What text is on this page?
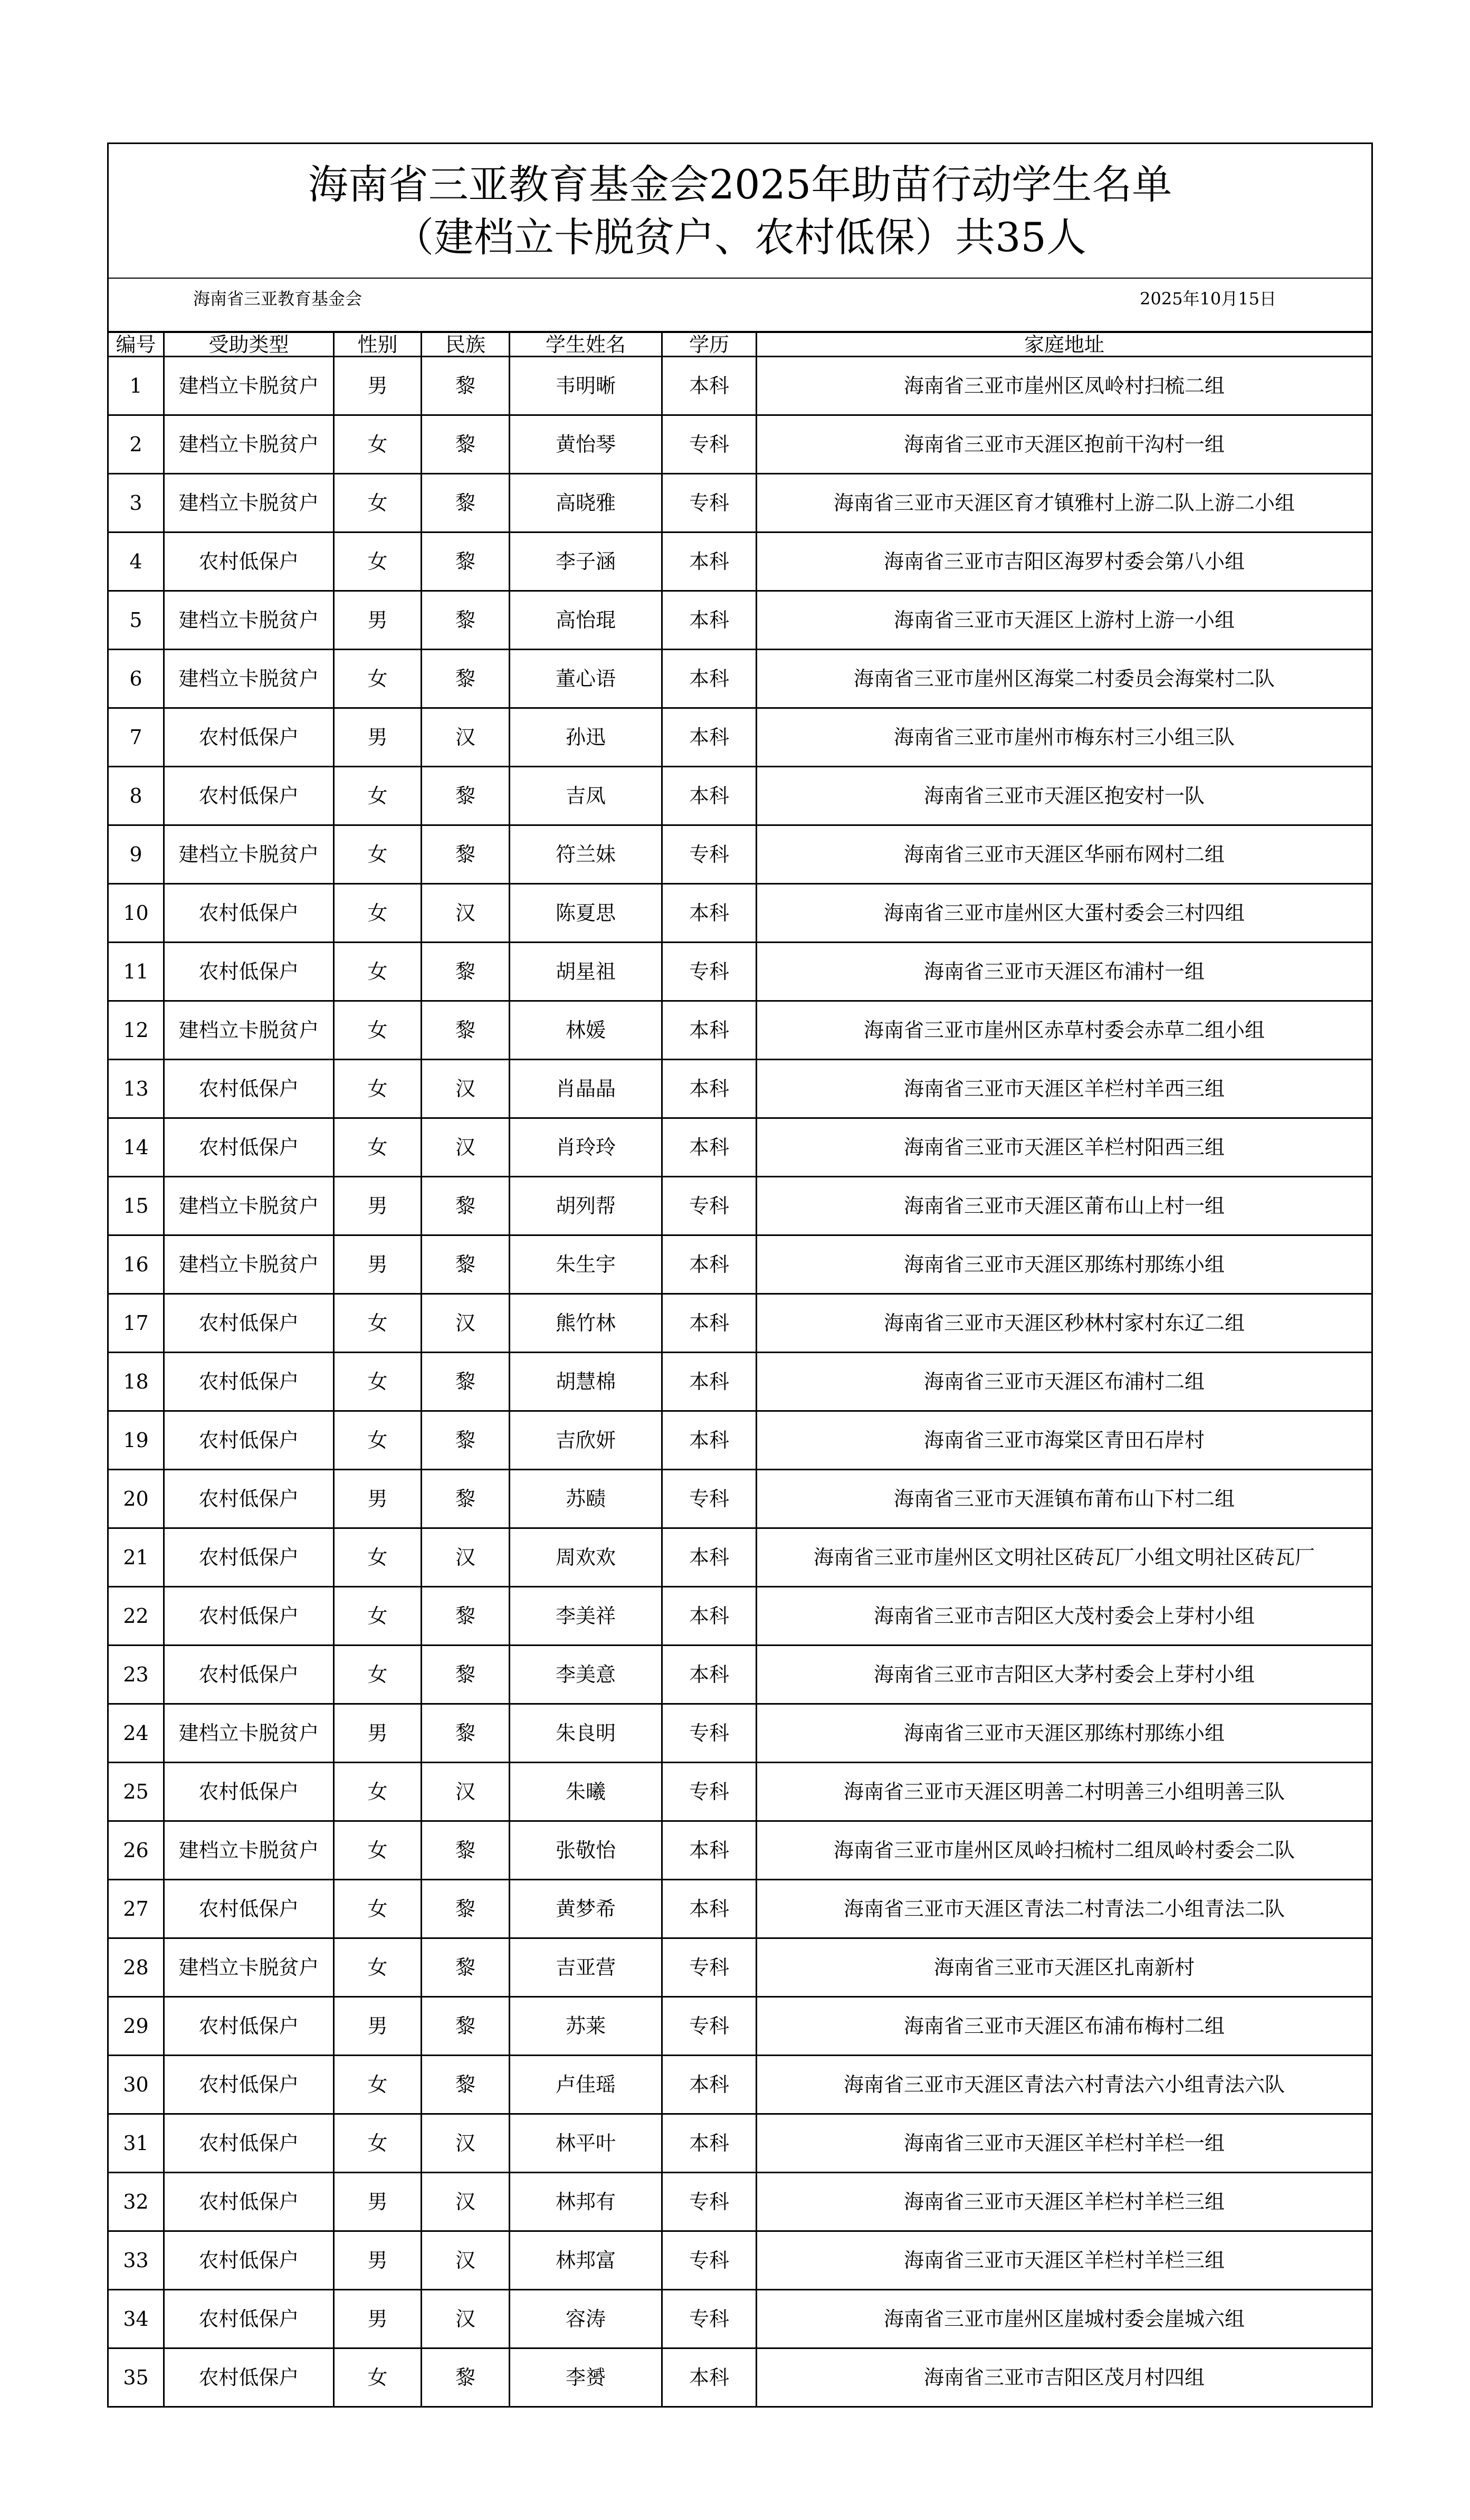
海南省三亚教育基金会2025年助苗行动学生名单
（建档立卡脱贫户、农村低保）共35人						

海南省三亚教育基金会 2025年10月15日						

编号	受助类型	性别	民族	学生姓名	学历	家庭地址
1	建档立卡脱贫户	男	黎	韦明晰	本科	海南省三亚市崖州区凤岭村扫梳二组
2	建档立卡脱贫户	女	黎	黄怡琴	专科	海南省三亚市天涯区抱前干沟村一组
3	建档立卡脱贫户	女	黎	高晓雅	专科	海南省三亚市天涯区育才镇雅村上游二队上游二小组
4	农村低保户	女	黎	李子涵	本科	海南省三亚市吉阳区海罗村委会第八小组
5	建档立卡脱贫户	男	黎	高怡琨	本科	海南省三亚市天涯区上游村上游一小组
6	建档立卡脱贫户	女	黎	董心语	本科	海南省三亚市崖州区海棠二村委员会海棠村二队
7	农村低保户	男	汉	孙迅	本科	海南省三亚市崖州市梅东村三小组三队
8	农村低保户	女	黎	吉凤	本科	海南省三亚市天涯区抱安村一队
9	建档立卡脱贫户	女	黎	符兰妹	专科	海南省三亚市天涯区华丽布网村二组
10	农村低保户	女	汉	陈夏思	本科	海南省三亚市崖州区大蛋村委会三村四组
11	农村低保户	女	黎	胡星祖	专科	海南省三亚市天涯区布浦村一组
12	建档立卡脱贫户	女	黎	林媛	本科	海南省三亚市崖州区赤草村委会赤草二组小组
13	农村低保户	女	汉	肖晶晶	本科	海南省三亚市天涯区羊栏村羊西三组
14	农村低保户	女	汉	肖玲玲	本科	海南省三亚市天涯区羊栏村阳西三组
15	建档立卡脱贫户	男	黎	胡列帮	专科	海南省三亚市天涯区莆布山上村一组
16	建档立卡脱贫户	男	黎	朱生宇	本科	海南省三亚市天涯区那练村那练小组
17	农村低保户	女	汉	熊竹林	本科	海南省三亚市天涯区秒林村家村东辽二组
18	农村低保户	女	黎	胡慧棉	本科	海南省三亚市天涯区布浦村二组
19	农村低保户	女	黎	吉欣妍	本科	海南省三亚市海棠区青田石岸村
20	农村低保户	男	黎	苏赜	专科	海南省三亚市天涯镇布莆布山下村二组
21	农村低保户	女	汉	周欢欢	本科	海南省三亚市崖州区文明社区砖瓦厂小组文明社区砖瓦厂
22	农村低保户	女	黎	李美祥	本科	海南省三亚市吉阳区大茂村委会上芽村小组
23	农村低保户	女	黎	李美意	本科	海南省三亚市吉阳区大茅村委会上芽村小组
24	建档立卡脱贫户	男	黎	朱良明	专科	海南省三亚市天涯区那练村那练小组
25	农村低保户	女	汉	朱曦	专科	海南省三亚市天涯区明善二村明善三小组明善三队
26	建档立卡脱贫户	女	黎	张敬怡	本科	海南省三亚市崖州区凤岭扫梳村二组凤岭村委会二队
27	农村低保户	女	黎	黄梦希	本科	海南省三亚市天涯区青法二村青法二小组青法二队
28	建档立卡脱贫户	女	黎	吉亚营	专科	海南省三亚市天涯区扎南新村
29	农村低保户	男	黎	苏莱	专科	海南省三亚市天涯区布浦布梅村二组
30	农村低保户	女	黎	卢佳瑶	本科	海南省三亚市天涯区青法六村青法六小组青法六队
31	农村低保户	女	汉	林平叶	本科	海南省三亚市天涯区羊栏村羊栏一组
32	农村低保户	男	汉	林邦有	专科	海南省三亚市天涯区羊栏村羊栏三组
33	农村低保户	男	汉	林邦富	专科	海南省三亚市天涯区羊栏村羊栏三组
34	农村低保户	男	汉	容涛	专科	海南省三亚市崖州区崖城村委会崖城六组
35	农村低保户	女	黎	李赟	本科	海南省三亚市吉阳区茂月村四组
